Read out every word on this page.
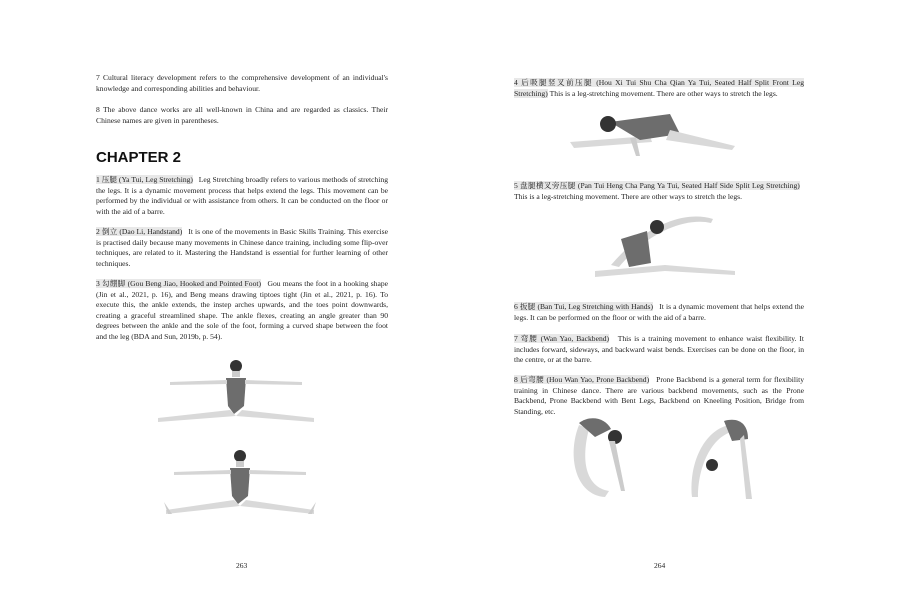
7 Cultural literacy development refers to the comprehensive development of an individual's knowledge and corresponding abilities and behaviour.

8 The above dance works are all well-known in China and are regarded as classics. Their Chinese names are given in parentheses.

CHAPTER 2

1 压腿 (Ya Tui, Leg Stretching) Leg Stretching broadly refers to various methods of stretching the legs. It is a dynamic movement process that helps extend the legs. This movement can be performed by the individual or with assistance from others. It can be conducted on the floor or with the aid of a barre.

2 倒立 (Dao Li, Handstand) It is one of the movements in Basic Skills Training. This exercise is practised daily because many movements in Chinese dance training, including some flip-over techniques, are related to it. Mastering the Handstand is essential for further learning of other techniques.

3 勾绷脚 (Gou Beng Jiao, Hooked and Pointed Foot) Gou means the foot in a hooking shape (Jin et al., 2021, p. 16), and Beng means drawing tiptoes tight (Jin et al., 2021, p. 16). To execute this, the ankle extends, the instep arches upwards, and the toes point downwards, creating a graceful streamlined shape. The ankle flexes, creating an angle greater than 90 degrees between the ankle and the sole of the foot, forming a curved shape between the foot and the leg (BDA and Sun, 2019b, p. 54).

263

4 后吸腿竖叉前压腿 (Hou Xi Tui Shu Cha Qian Ya Tui, Seated Half Split Front Leg Stretching) This is a leg-stretching movement. There are other ways to stretch the legs.

5 盘腿横叉旁压腿 (Pan Tui Heng Cha Pang Ya Tui, Seated Half Side Split Leg Stretching)   This is a leg-stretching movement. There are other ways to stretch the legs.

6 扳腿 (Ban Tui, Leg Stretching with Hands) It is a dynamic movement that helps extend the legs. It can be performed on the floor or with the aid of a barre.

7 弯腰 (Wan Yao, Backbend) This is a training movement to enhance waist flexibility. It includes forward, sideways, and backward waist bends. Exercises can be done on the floor, in the centre, or at the barre.

8 后弯腰 (Hou Wan Yao, Prone Backbend) Prone Backbend is a general term for flexibility training in Chinese dance. There are various backbend movements, such as the Prone Backbend, Prone Backbend with Bent Legs, Backbend on Kneeling Position, Bridge from Standing, etc.

264
